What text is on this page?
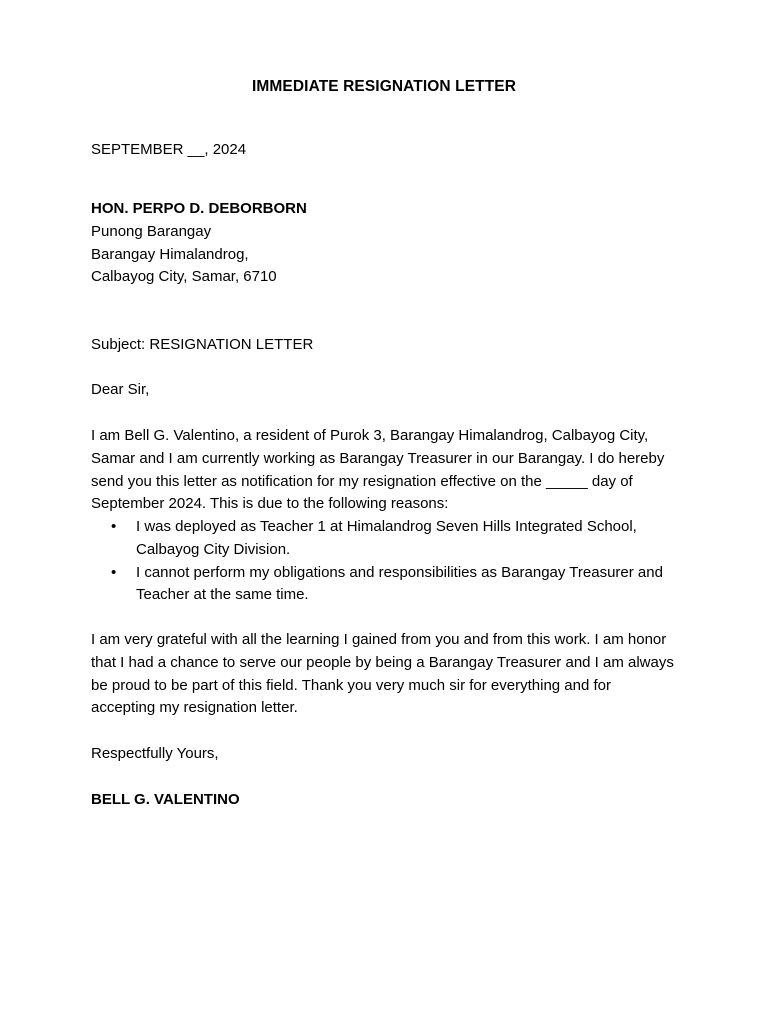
IMMEDIATE RESIGNATION LETTER
SEPTEMBER __, 2024
HON. PERPO D. DEBORBORN
Punong Barangay
Barangay Himalandrog,
Calbayog City, Samar, 6710
Subject: RESIGNATION LETTER
Dear Sir,
I am Bell G. Valentino, a resident of Purok 3, Barangay Himalandrog, Calbayog City,
Samar and I am currently working as Barangay Treasurer in our Barangay. I do hereby
send you this letter as notification for my resignation effective on the _____ day of
September 2024. This is due to the following reasons:
• I was deployed as Teacher 1 at Himalandrog Seven Hills Integrated School,
Calbayog City Division.
• I cannot perform my obligations and responsibilities as Barangay Treasurer and
Teacher at the same time.
I am very grateful with all the learning I gained from you and from this work. I am honor
that I had a chance to serve our people by being a Barangay Treasurer and I am always
be proud to be part of this field. Thank you very much sir for everything and for
accepting my resignation letter.
Respectfully Yours,
BELL G. VALENTINO
